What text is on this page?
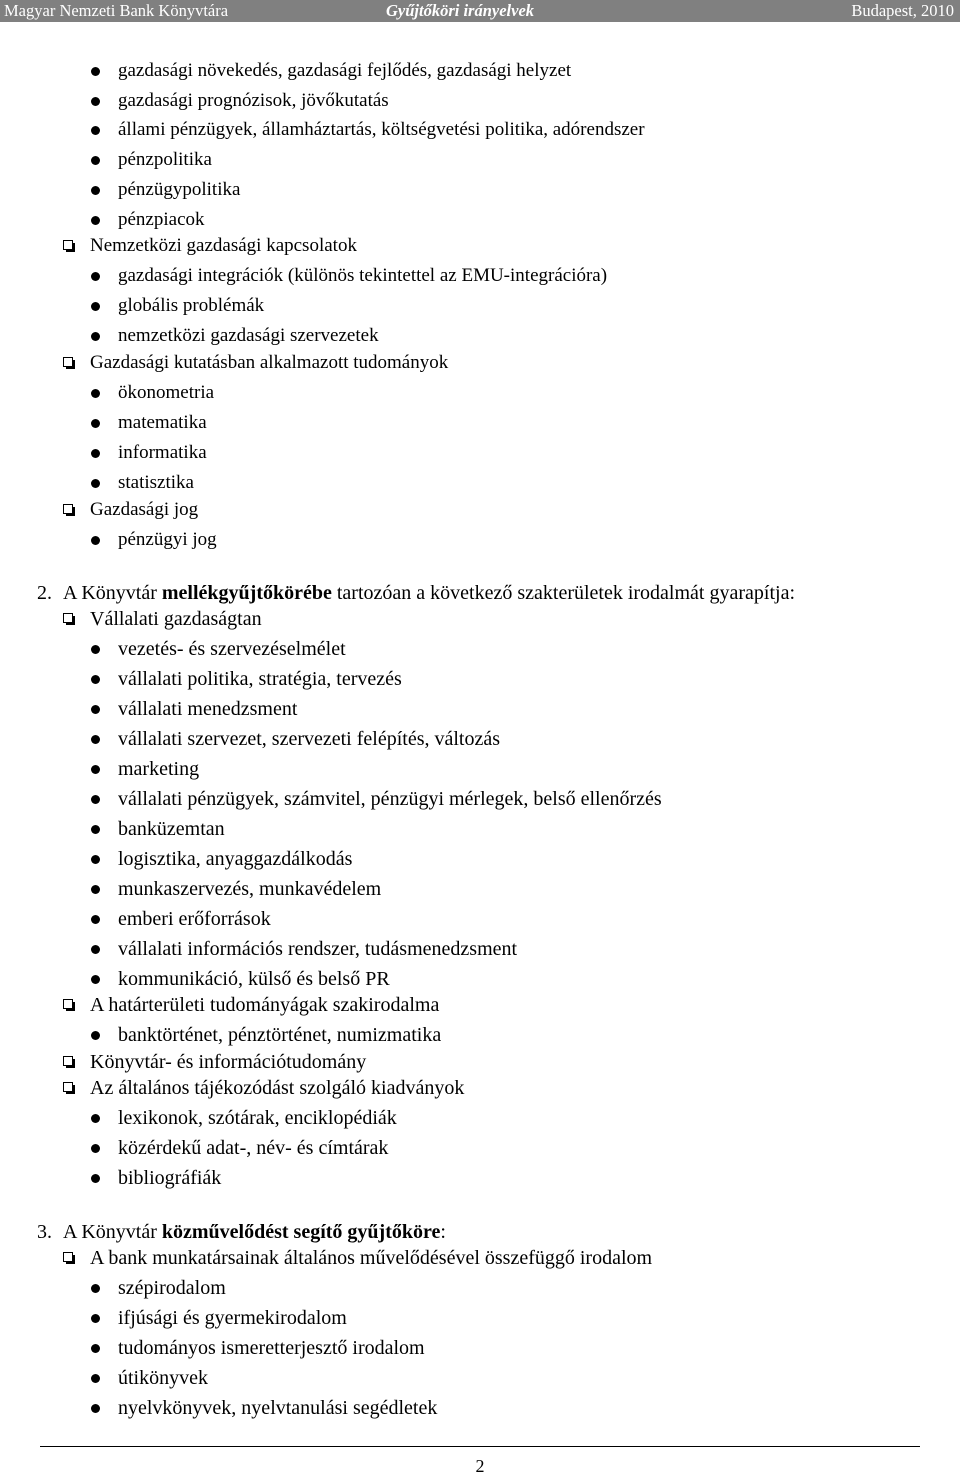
Magyar Nemzeti Bank Könyvtára	Gyűjtőköri irányelvek	Budapest, 2010
gazdasági növekedés, gazdasági fejlődés, gazdasági helyzet
gazdasági prognózisok, jövőkutatás
állami pénzügyek, államháztartás, költségvetési politika, adórendszer
pénzpolitika
pénzügypolitika
pénzpiacok
Nemzetközi gazdasági kapcsolatok
gazdasági integrációk (különös tekintettel az EMU-integrációra)
globális problémák
nemzetközi gazdasági szervezetek
Gazdasági kutatásban alkalmazott tudományok
ökonometria
matematika
informatika
statisztika
Gazdasági jog
pénzügyi jog
2. A Könyvtár mellékgyűjtőkörébe tartozóan a következő szakterületek irodalmát gyarapítja:
Vállalati gazdaságtan
vezetés- és szervezéselmélet
vállalati politika, stratégia, tervezés
vállalati menedzsment
vállalati szervezet, szervezeti felépítés, változás
marketing
vállalati pénzügyek, számvitel, pénzügyi mérlegek, belső ellenőrzés
banküzemtan
logisztika, anyaggazdálkodás
munkaszervezés, munkavédelem
emberi erőforrások
vállalati információs rendszer, tudásmenedzsment
kommunikáció, külső és belső PR
A határterületi tudományágak szakirodalma
banktörténet, pénztörténet, numizmatika
Könyvtár- és információtudomány
Az általános tájékozódást szolgáló kiadványok
lexikonok, szótárak, enciklopédiák
közérdekű adat-, név- és címtárak
bibliográfiák
3. A Könyvtár közművelődést segítő gyűjtőköre:
A bank munkatársainak általános művelődésével összefüggő irodalom
szépirodalom
ifjúsági és gyermekirodalom
tudományos ismeretterjesztő irodalom
útikönyvek
nyelvkönyvek, nyelvtanulási segédletek
2
